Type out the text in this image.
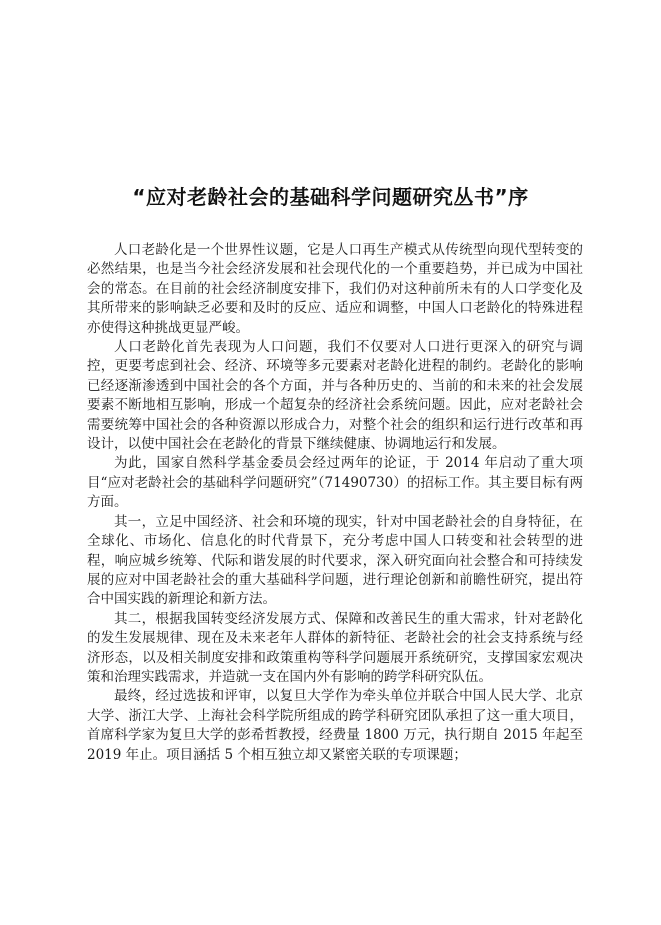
“应对老龄社会的基础科学问题研究丛书”序

人口老龄化是一个世界性议题，它是人口再生产模式从传统型向现代型转变的必然结果，也是当今社会经济发展和社会现代化的一个重要趋势，并已成为中国社会的常态。在目前的社会经济制度安排下，我们仍对这种前所未有的人口学变化及其所带来的影响缺乏必要和及时的反应、适应和调整，中国人口老龄化的特殊进程亦使得这种挑战更显严峻。

人口老龄化首先表现为人口问题，我们不仅要对人口进行更深入的研究与调控，更要考虑到社会、经济、环境等多元要素对老龄化进程的制约。老龄化的影响已经逐渐渗透到中国社会的各个方面，并与各种历史的、当前的和未来的社会发展要素不断地相互影响，形成一个超复杂的经济社会系统问题。因此，应对老龄社会需要统筹中国社会的各种资源以形成合力，对整个社会的组织和运行进行改革和再设计，以使中国社会在老龄化的背景下继续健康、协调地运行和发展。

为此，国家自然科学基金委员会经过两年的论证，于 2014 年启动了重大项目“应对老龄社会的基础科学问题研究”（71490730）的招标工作。其主要目标有两方面。

其一，立足中国经济、社会和环境的现实，针对中国老龄社会的自身特征，在全球化、市场化、信息化的时代背景下，充分考虑中国人口转变和社会转型的进程，响应城乡统筹、代际和谐发展的时代要求，深入研究面向社会整合和可持续发展的应对中国老龄社会的重大基础科学问题，进行理论创新和前瞻性研究，提出符合中国实践的新理论和新方法。

其二，根据我国转变经济发展方式、保障和改善民生的重大需求，针对老龄化的发生发展规律、现在及未来老年人群体的新特征、老龄社会的社会支持系统与经济形态，以及相关制度安排和政策重构等科学问题展开系统研究，支撑国家宏观决策和治理实践需求，并造就一支在国内外有影响的跨学科研究队伍。

最终，经过选拔和评审，以复旦大学作为牵头单位并联合中国人民大学、北京大学、浙江大学、上海社会科学院所组成的跨学科研究团队承担了这一重大项目，首席科学家为复旦大学的彭希哲教授，经费量 1800 万元，执行期自 2015 年起至 2019 年止。项目涵括 5 个相互独立却又紧密关联的专项课题；
